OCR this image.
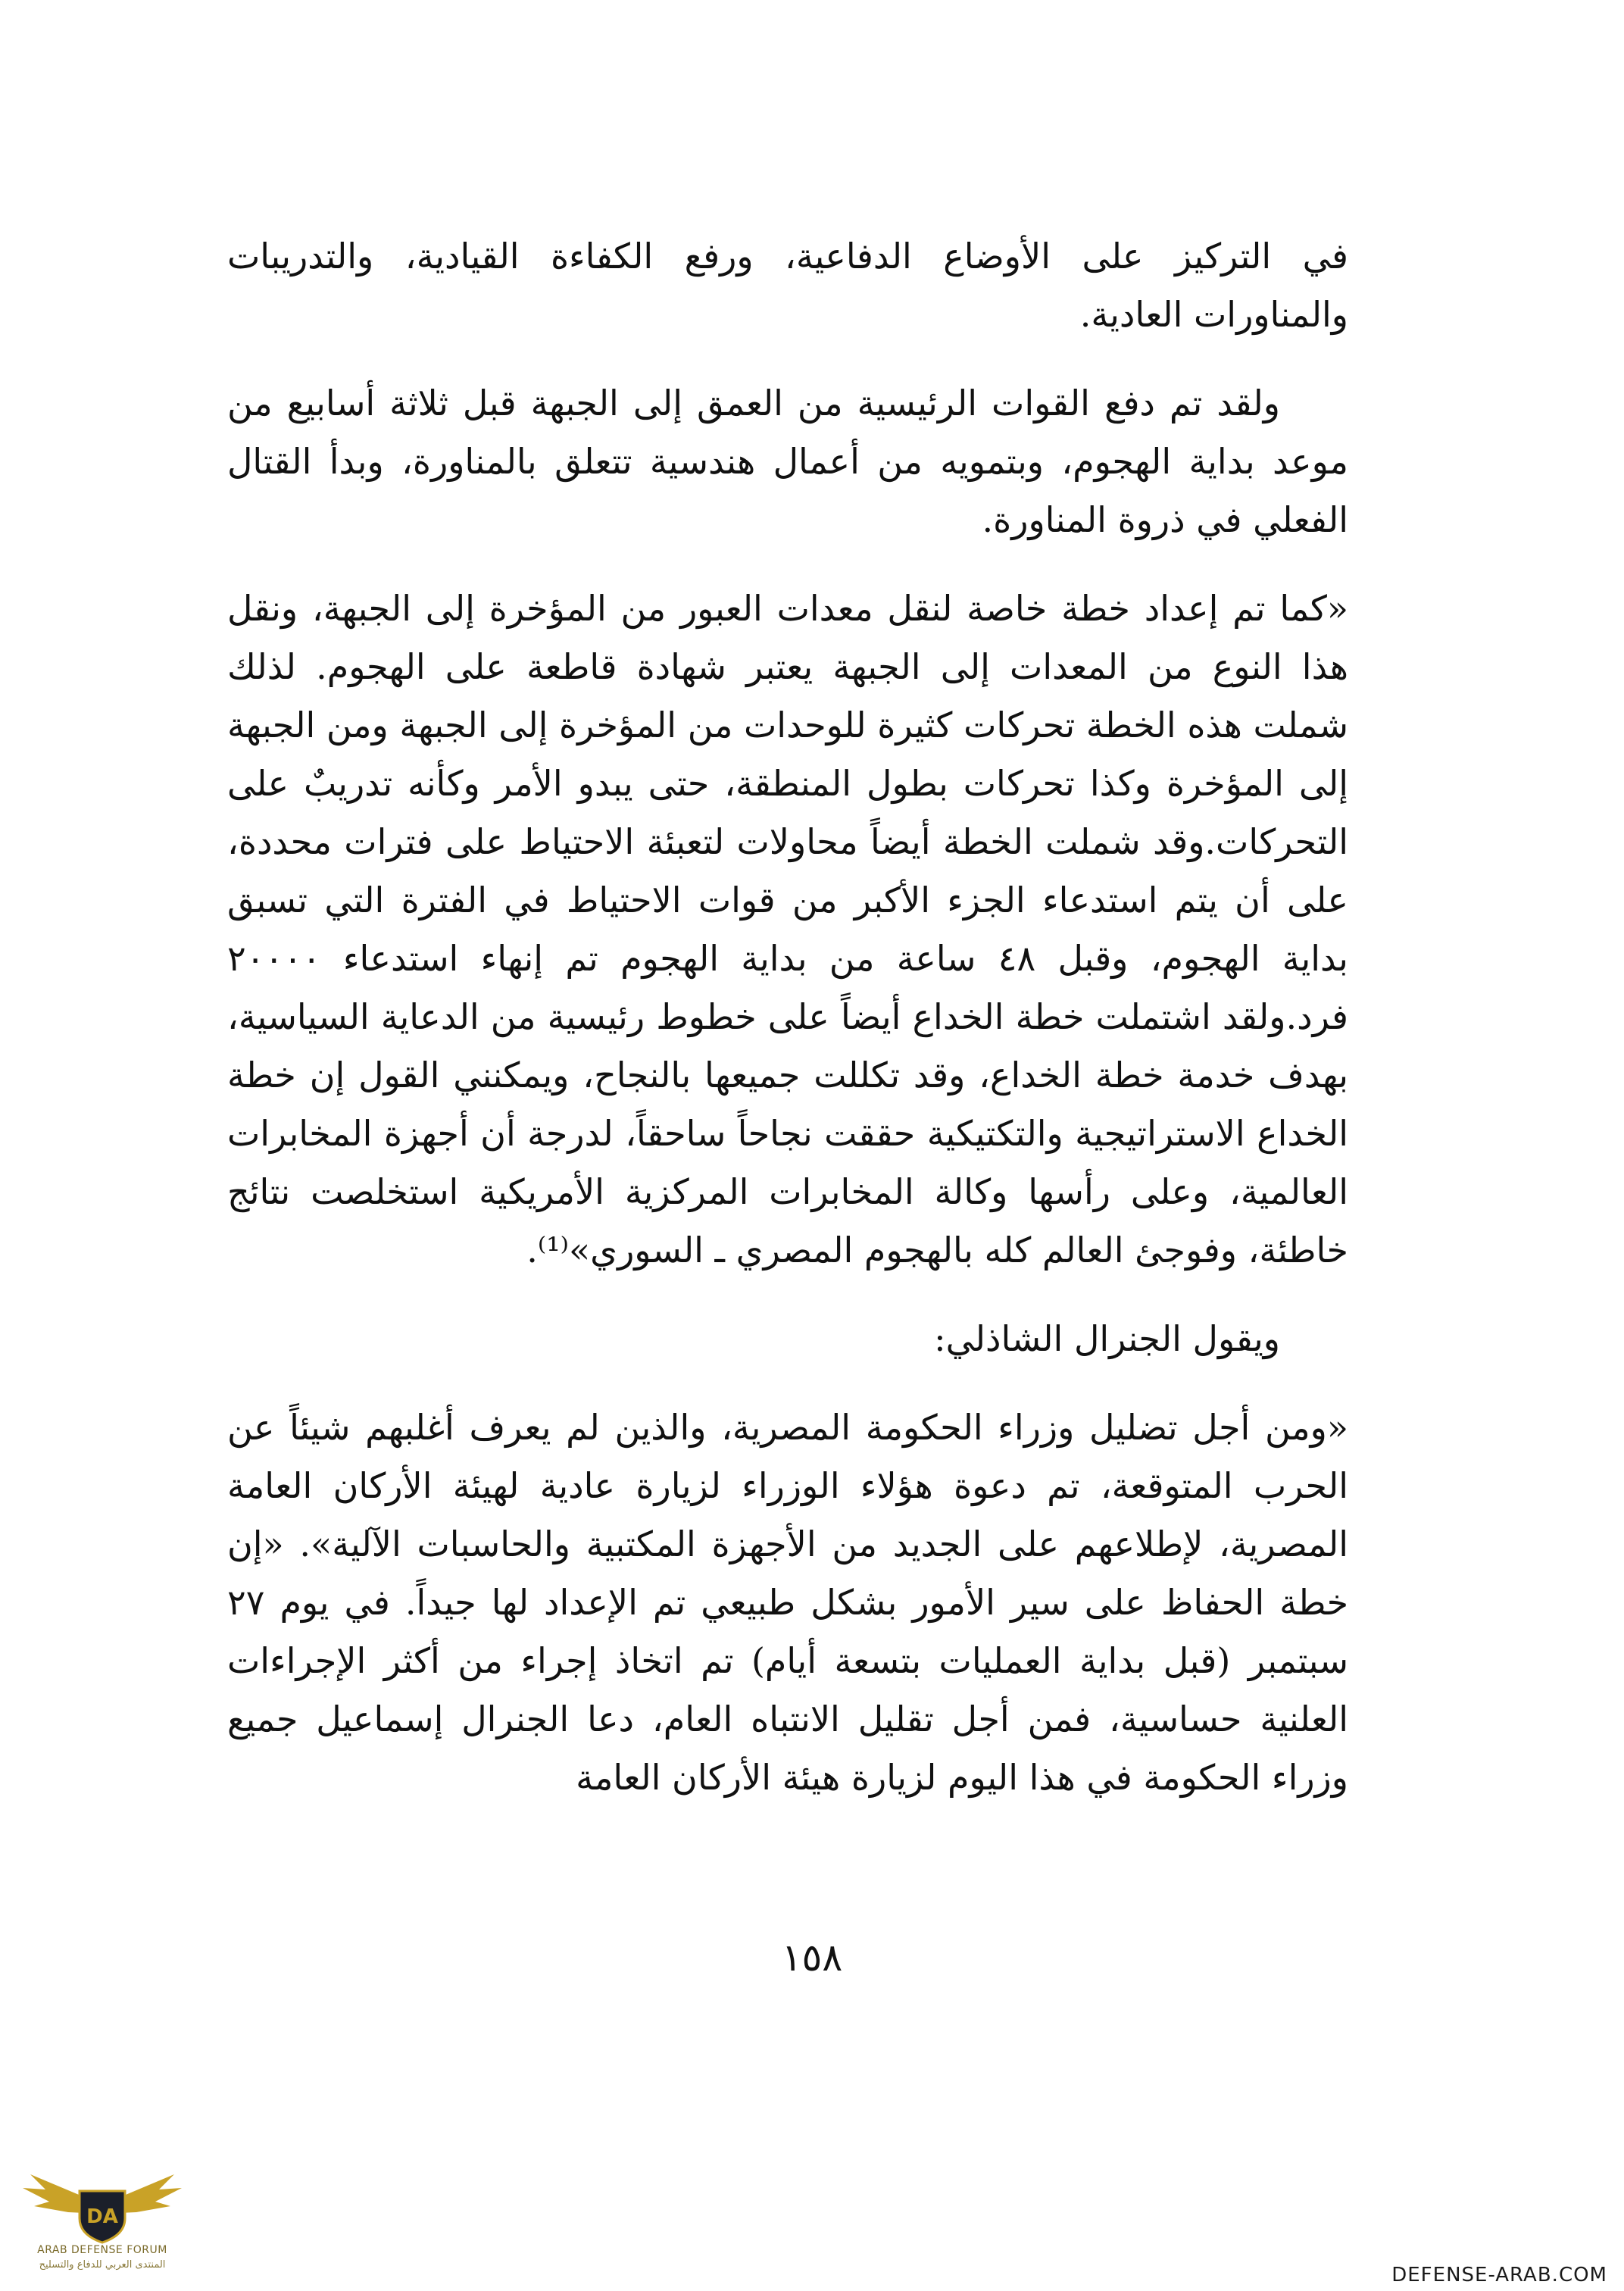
في التركيز على الأوضاع الدفاعية، ورفع الكفاءة القيادية، والتدريبات والمناورات العادية.

ولقد تم دفع القوات الرئيسية من العمق إلى الجبهة قبل ثلاثة أسابيع من موعد بداية الهجوم، وبتمويه من أعمال هندسية تتعلق بالمناورة، وبدأ القتال الفعلي في ذروة المناورة.

«كما تم إعداد خطة خاصة لنقل معدات العبور من المؤخرة إلى الجبهة، ونقل هذا النوع من المعدات إلى الجبهة يعتبر شهادة قاطعة على الهجوم. لذلك شملت هذه الخطة تحركات كثيرة للوحدات من المؤخرة إلى الجبهة ومن الجبهة إلى المؤخرة وكذا تحركات بطول المنطقة، حتى يبدو الأمر وكأنه تدريبٌ على التحركات.وقد شملت الخطة أيضاً محاولات لتعبئة الاحتياط على فترات محددة، على أن يتم استدعاء الجزء الأكبر من قوات الاحتياط في الفترة التي تسبق بداية الهجوم، وقبل ٤٨ ساعة من بداية الهجوم تم إنهاء استدعاء ٢٠٠٠٠ فرد.ولقد اشتملت خطة الخداع أيضاً على خطوط رئيسية من الدعاية السياسية، بهدف خدمة خطة الخداع، وقد تكللت جميعها بالنجاح، ويمكنني القول إن خطة الخداع الاستراتيجية والتكتيكية حققت نجاحاً ساحقاً، لدرجة أن أجهزة المخابرات العالمية، وعلى رأسها وكالة المخابرات المركزية الأمريكية استخلصت نتائج خاطئة، وفوجئ العالم كله بالهجوم المصري ـ السوري»⁽¹⁾.

ويقول الجنرال الشاذلي:

«ومن أجل تضليل وزراء الحكومة المصرية، والذين لم يعرف أغلبهم شيئاً عن الحرب المتوقعة، تم دعوة هؤلاء الوزراء لزيارة عادية لهيئة الأركان العامة المصرية، لإطلاعهم على الجديد من الأجهزة المكتبية والحاسبات الآلية». «إن خطة الحفاظ على سير الأمور بشكل طبيعي تم الإعداد لها جيداً. في يوم ٢٧ سبتمبر (قبل بداية العمليات بتسعة أيام) تم اتخاذ إجراء من أكثر الإجراءات العلنية حساسية، فمن أجل تقليل الانتباه العام، دعا الجنرال إسماعيل جميع وزراء الحكومة في هذا اليوم لزيارة هيئة الأركان العامة

١٥٨
DA
ARAB DEFENSE FORUM
المنتدى العربي للدفاع والتسليح	DEFENSE-ARAB.COM
